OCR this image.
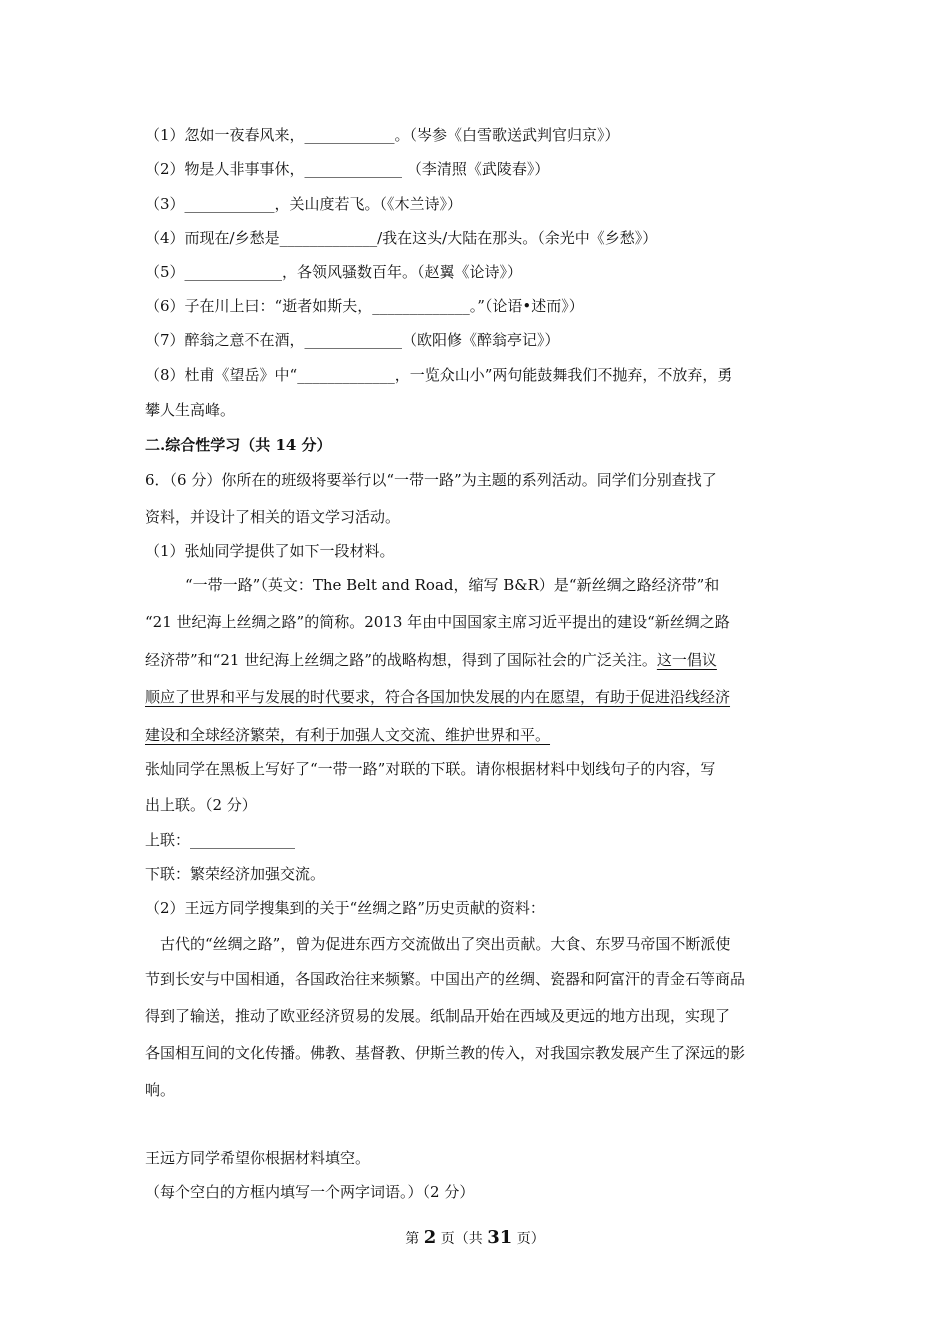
（1）忽如一夜春风来，____________。（岑参《白雪歌送武判官归京》）
（2）物是人非事事休，_____________ （李清照《武陵春》）
（3）____________，关山度若飞。（《木兰诗》）
（4）而现在/乡愁是_____________/我在这头/大陆在那头。（余光中《乡愁》）
（5）_____________，各领风骚数百年。（赵翼《论诗》）
（6）子在川上曰：“逝者如斯夫，_____________。”（论语•述而》）
（7）醉翁之意不在酒，_____________（欧阳修《醉翁亭记》）
（8）杜甫《望岳》中“_____________，一览众山小”两句能鼓舞我们不抛弃，不放弃，勇
攀人生高峰。
二.综合性学习（共 14 分）
6．（6 分）你所在的班级将要举行以“一带一路”为主题的系列活动。同学们分别查找了
资料，并设计了相关的语文学习活动。
（1）张灿同学提供了如下一段材料。
“一带一路”（英文：The Belt and Road，缩写 B&R）是“新丝绸之路经济带”和
“21 世纪海上丝绸之路”的简称。2013 年由中国国家主席习近平提出的建设“新丝绸之路
经济带”和“21 世纪海上丝绸之路”的战略构想，得到了国际社会的广泛关注。这一倡议
顺应了世界和平与发展的时代要求，符合各国加快发展的内在愿望，有助于促进沿线经济
建设和全球经济繁荣，有利于加强人文交流、维护世界和平。
张灿同学在黑板上写好了“一带一路”对联的下联。请你根据材料中划线句子的内容，写
出上联。（2 分）
上联：______________
下联：繁荣经济加强交流。
（2）王远方同学搜集到的关于“丝绸之路”历史贡献的资料：
古代的“丝绸之路”，曾为促进东西方交流做出了突出贡献。大食、东罗马帝国不断派使
节到长安与中国相通，各国政治往来频繁。中国出产的丝绸、瓷器和阿富汗的青金石等商品
得到了输送，推动了欧亚经济贸易的发展。纸制品开始在西域及更远的地方出现，实现了
各国相互间的文化传播。佛教、基督教、伊斯兰教的传入，对我国宗教发展产生了深远的影
响。
王远方同学希望你根据材料填空。
（每个空白的方框内填写一个两字词语。）（2 分）
第 2 页（共 31 页）
